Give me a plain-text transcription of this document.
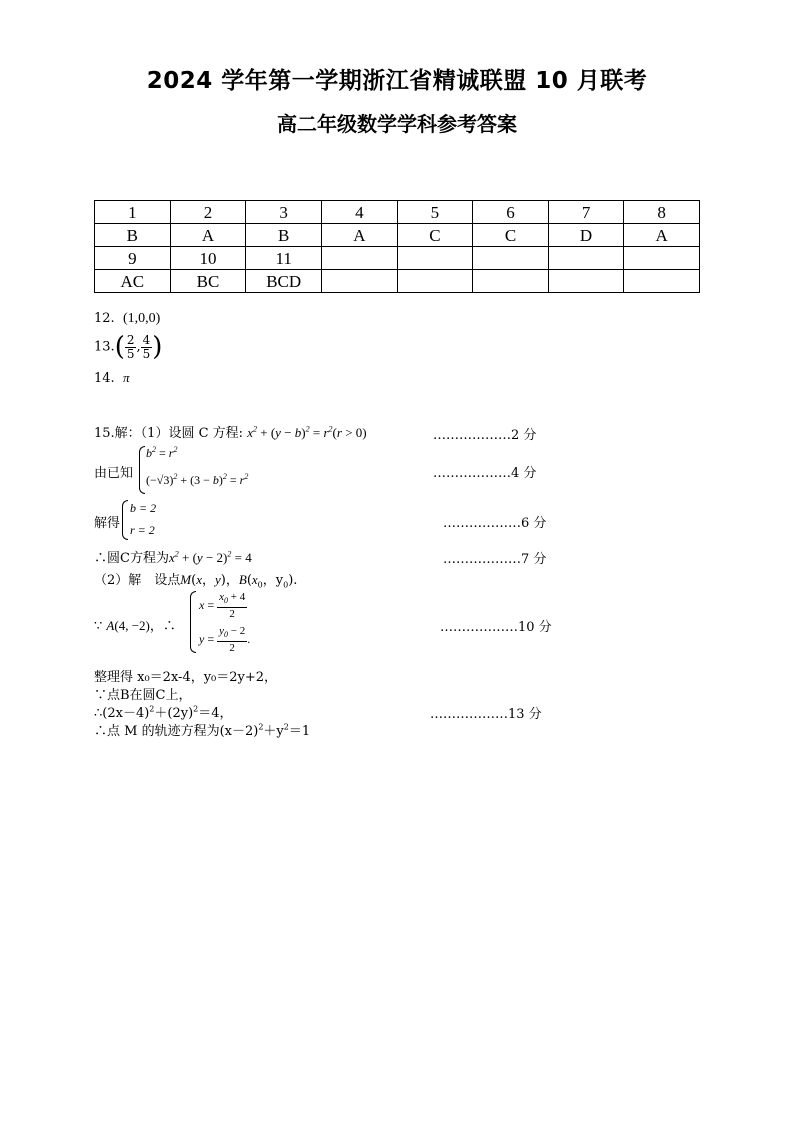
2024 学年第一学期浙江省精诚联盟 10 月联考
高二年级数学学科参考答案
1	2	3	4	5	6	7	8
B	A	B	A	C	C	D	A
9	10	11					
AC	BC	BCD					
12. (1,0,0)
$13.( \frac{2}{5}$ , $\frac{4}{5}$ )
14. π
15.解：（1）设圆 C 方程: $x^2 + (y - b)^2 = r^2(r > 0)$	………………2 分
由已知
$b^2 = r^2$
$(-√3)^2 + (3 - b)^2 = r^2$	………………4 分
解得
b = 2
r = 2	………………6 分
∴圆C方程为$x^2 + (y - 2)^2 = 4$	………………7 分
（2）解　设点M(x，y)，$B(x_0$，$y_0$).
∵ A(4, −2)，∴
$x = \frac{x_0 + 4}{2}$
$y = \frac{y_0 - 2}{2}$ .
………………10 分
整理得 x₀＝2x-4，y₀＝2y+2，
∵点B在圆C上，
$\therefore(2x-4)^2+(2y)^2=4$，	………………13 分
∴点 M 的轨迹方程为$(x-2)^2+y^2=1$
